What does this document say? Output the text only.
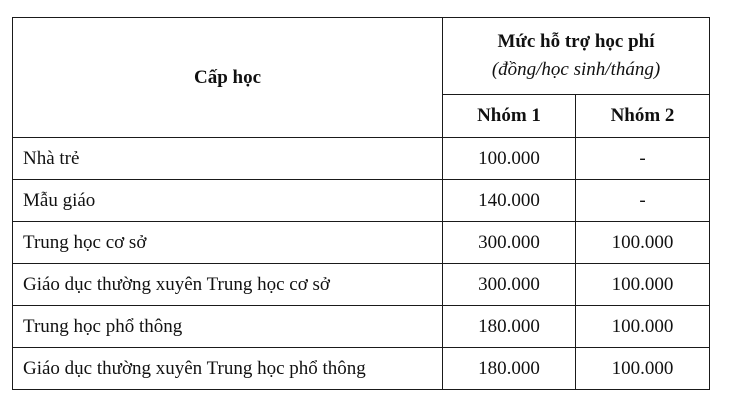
Cấp học	Mức hỗ trợ học phí
(đồng/học sinh/tháng)	

	Nhóm 1	Nhóm 2
Nhà trẻ	100.000	-
Mẫu giáo	140.000	-
Trung học cơ sở	300.000	100.000
Giáo dục thường xuyên Trung học cơ sở	300.000	100.000
Trung học phổ thông	180.000	100.000
Giáo dục thường xuyên Trung học phổ thông	180.000	100.000
